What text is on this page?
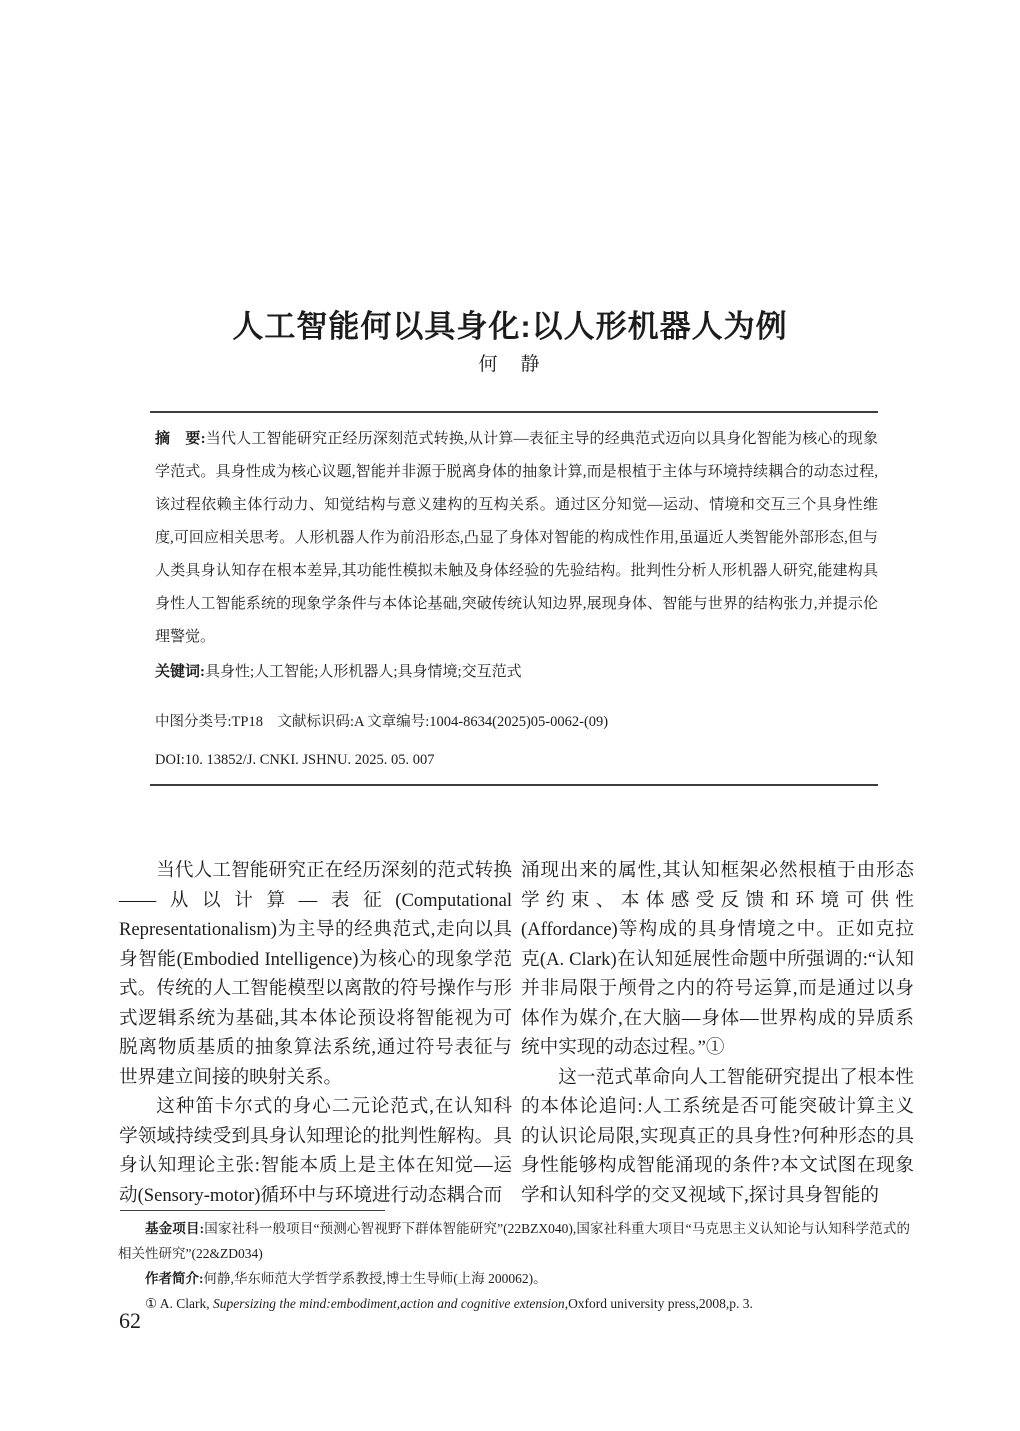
人工智能何以具身化:以人形机器人为例
何　静
摘　要:当代人工智能研究正经历深刻范式转换,从计算—表征主导的经典范式迈向以具身化智能为核心的现象学范式。具身性成为核心议题,智能并非源于脱离身体的抽象计算,而是根植于主体与环境持续耦合的动态过程,该过程依赖主体行动力、知觉结构与意义建构的互构关系。通过区分知觉—运动、情境和交互三个具身性维度,可回应相关思考。人形机器人作为前沿形态,凸显了身体对智能的构成性作用,虽逼近人类智能外部形态,但与人类具身认知存在根本差异,其功能性模拟未触及身体经验的先验结构。批判性分析人形机器人研究,能建构具身性人工智能系统的现象学条件与本体论基础,突破传统认知边界,展现身体、智能与世界的结构张力,并提示伦理警觉。
关键词:具身性;人工智能;人形机器人;具身情境;交互范式
中图分类号:TP18　文献标识码:A 文章编号:1004-8634(2025)05-0062-(09)
DOI:10. 13852/J. CNKI. JSHNU. 2025. 05. 007

当代人工智能研究正在经历深刻的范式转换——从以计算—表征(Computational Representationalism)为主导的经典范式,走向以具身智能(Embodied Intelligence)为核心的现象学范式。传统的人工智能模型以离散的符号操作与形式逻辑系统为基础,其本体论预设将智能视为可脱离物质基质的抽象算法系统,通过符号表征与世界建立间接的映射关系。

这种笛卡尔式的身心二元论范式,在认知科学领域持续受到具身认知理论的批判性解构。具身认知理论主张:智能本质上是主体在知觉—运动(Sensory-motor)循环中与环境进行动态耦合而

涌现出来的属性,其认知框架必然根植于由形态学约束、本体感受反馈和环境可供性(Affordance)等构成的具身情境之中。正如克拉克(A. Clark)在认知延展性命题中所强调的:“认知并非局限于颅骨之内的符号运算,而是通过以身体作为媒介,在大脑—身体—世界构成的异质系统中实现的动态过程。”①

这一范式革命向人工智能研究提出了根本性的本体论追问:人工系统是否可能突破计算主义的认识论局限,实现真正的具身性?何种形态的具身性能够构成智能涌现的条件?本文试图在现象学和认知科学的交叉视域下,探讨具身智能的

基金项目:国家社科一般项目“预测心智视野下群体智能研究”(22BZX040),国家社科重大项目“马克思主义认知论与认知科学范式的相关性研究”(22&ZD034)

作者简介:何静,华东师范大学哲学系教授,博士生导师(上海 200062)。

① A. Clark, Supersizing the mind:embodiment,action and cognitive extension,Oxford university press,2008,p. 3.

62
